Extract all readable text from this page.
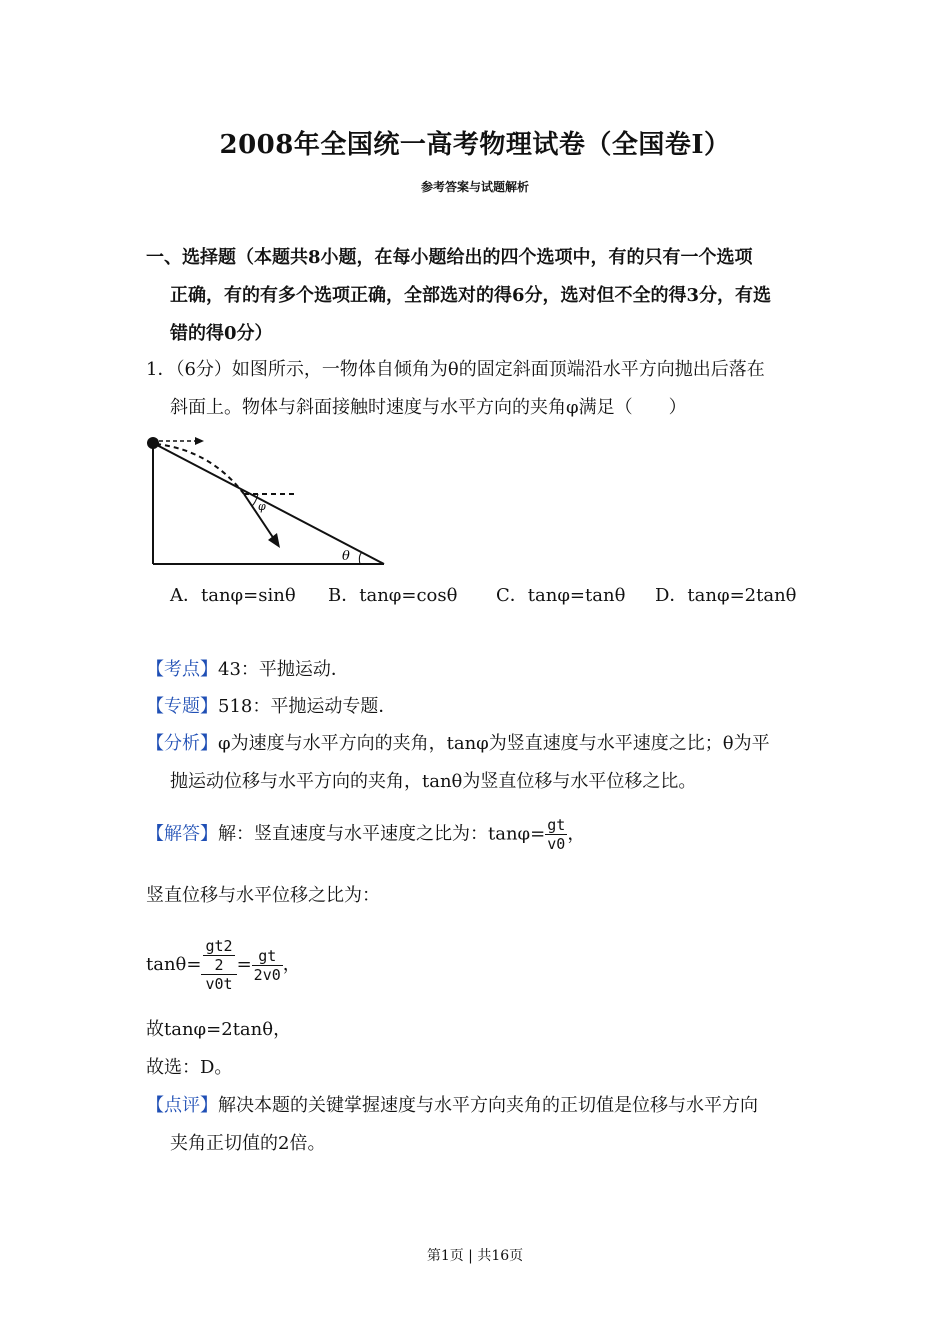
2008年全国统一高考物理试卷（全国卷I）
参考答案与试题解析
一、选择题（本题共8小题，在每小题给出的四个选项中，有的只有一个选项
正确，有的有多个选项正确，全部选对的得6分，选对但不全的得3分，有选
错的得0分）
1．（6分）如图所示，一物体自倾角为θ的固定斜面顶端沿水平方向抛出后落在
斜面上。物体与斜面接触时速度与水平方向的夹角φ满足（　　）
φ
θ
A．tanφ=sinθ B．tanφ=cosθ C．tanφ=tanθ D．tanφ=2tanθ
【考点】43：平抛运动．
【专题】518：平抛运动专题．
【分析】φ为速度与水平方向的夹角，tanφ为竖直速度与水平速度之比；θ为平
抛运动位移与水平方向的夹角，tanθ为竖直位移与水平位移之比。
【解答】解：竖直速度与水平速度之比为：$\tan\varphi= \frac{gt}{v0}$ ，
竖直位移与水平位移之比为：
$\tan\theta= \frac{\frac{gt2}{2}}{v0t} = \frac{gt}{2v0}$ ，
故tanφ=2tanθ，
故选：D。
【点评】解决本题的关键掌握速度与水平方向夹角的正切值是位移与水平方向
夹角正切值的2倍。
第1页 | 共16页
